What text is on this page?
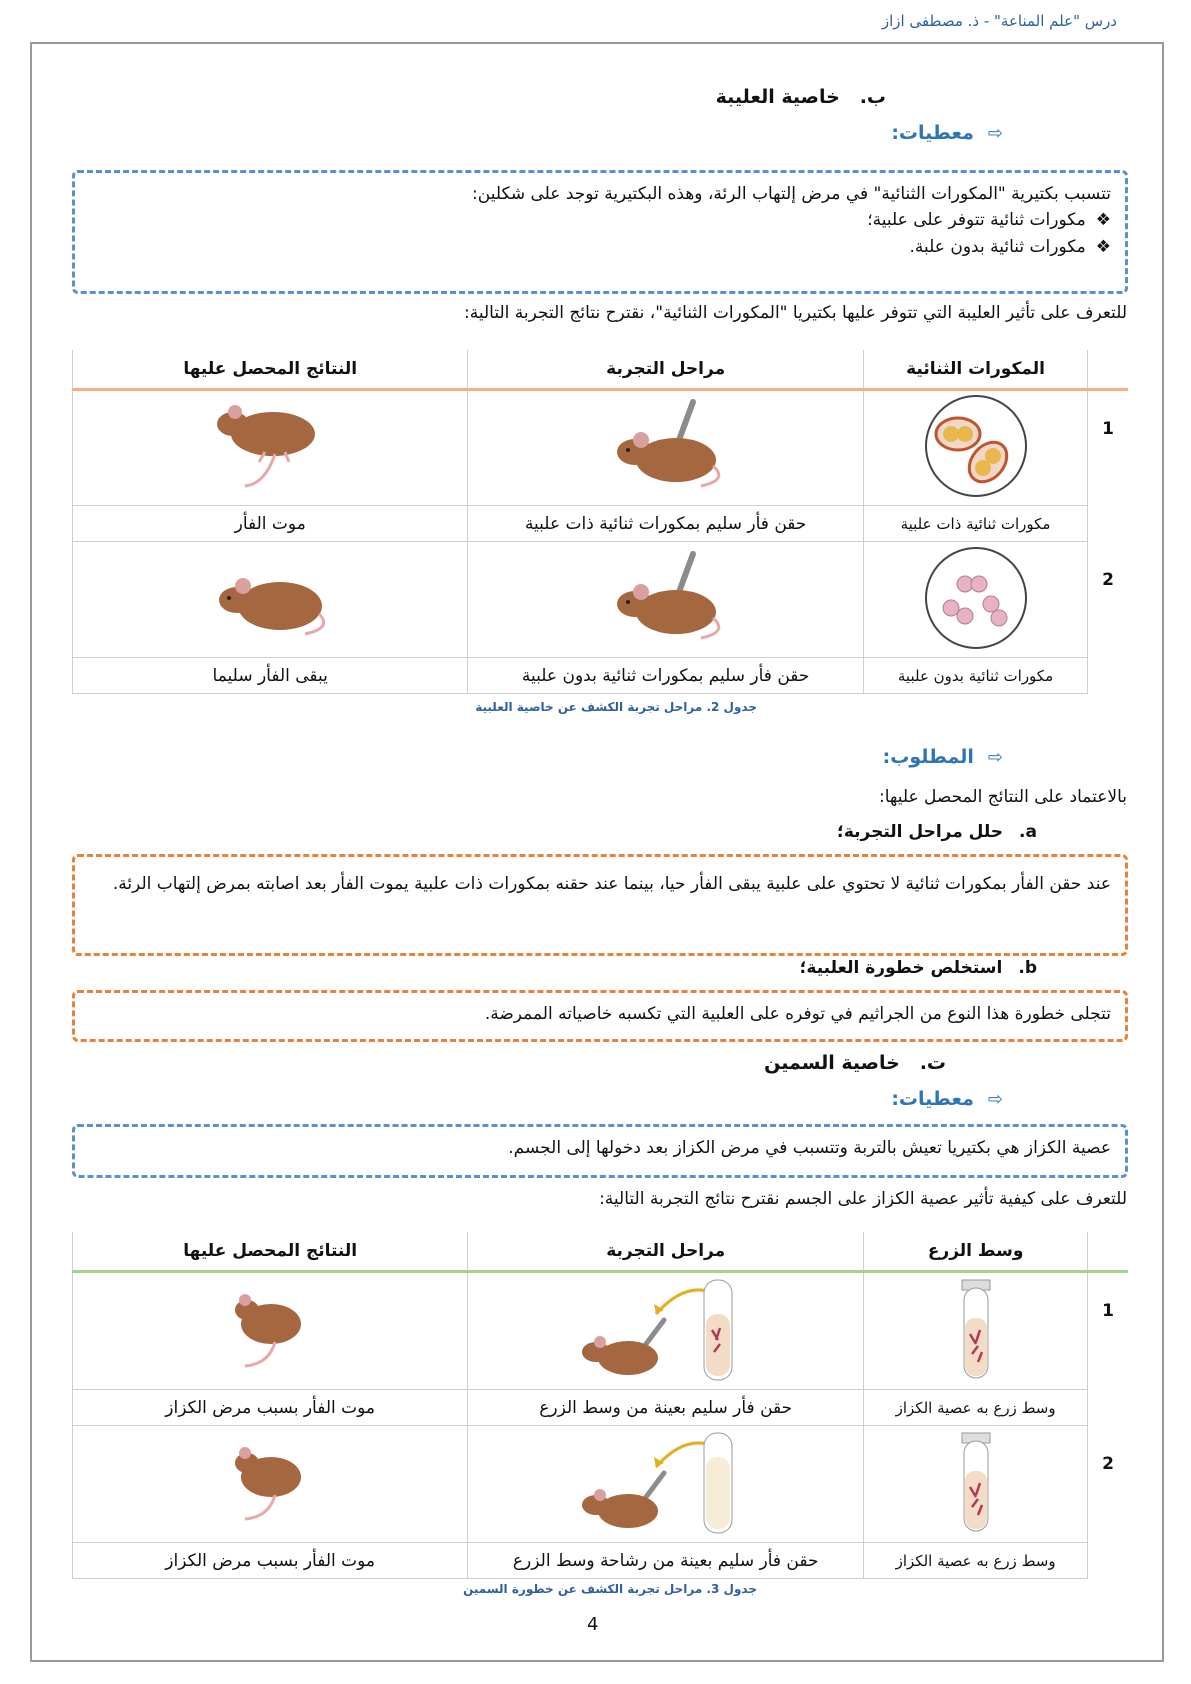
درس "علم المناعة" - ذ. مصطفى ازاز
ب.   خاصية العليبة
⇨معطيات:
تتسبب بكتيرية "المكورات الثنائية" في مرض إلتهاب الرئة، وهذه البكتيرية توجد على شكلين:
❖مكورات ثنائية تتوفر على علبية؛
❖مكورات ثنائية بدون علبة.
للتعرف على تأثير العليبة التي تتوفر عليها بكتيريا "المكورات الثنائية"، نقترح نتائج التجربة التالية:
	المكورات الثنائية	مراحل التجربة	النتائج المحصل عليها
1			
	مكورات ثنائية ذات علبية	حقن فأر سليم بمكورات ثنائية ذات علبية	موت الفأر
2			
	مكورات ثنائية بدون علبية	حقن فأر سليم بمكورات ثنائية بدون علبية	يبقى الفأر سليما
جدول 2. مراحل تجربة الكشف عن خاصية العلبية
⇨المطلوب:
بالاعتماد على النتائج المحصل عليها:
a.حلل مراحل التجربة؛
عند حقن الفأر بمكورات ثنائية لا تحتوي على علبية يبقى الفأر حيا، بينما عند حقنه بمكورات ذات علبية يموت الفأر بعد اصابته بمرض إلتهاب الرئة.
b.استخلص خطورة العلبية؛
تتجلى خطورة هذا النوع من الجراثيم في توفره على العلبية التي تكسبه خاصياته الممرضة.
ت.   خاصية السمين
⇨معطيات:
عصية الكزاز هي بكتيريا تعيش بالتربة وتتسبب في مرض الكزاز بعد دخولها إلى الجسم.
للتعرف على كيفية تأثير عصية الكزاز على الجسم نقترح نتائج التجربة التالية:
	وسط الزرع	مراحل التجربة	النتائج المحصل عليها
1			
	وسط زرع به عصية الكزاز	حقن فأر سليم بعينة من وسط الزرع	موت الفأر بسبب مرض الكزاز
2			
	وسط زرع به عصية الكزاز	حقن فأر سليم بعينة من رشاحة وسط الزرع	موت الفأر بسبب مرض الكزاز
جدول 3. مراحل تجربة الكشف عن خطورة السمين
4
